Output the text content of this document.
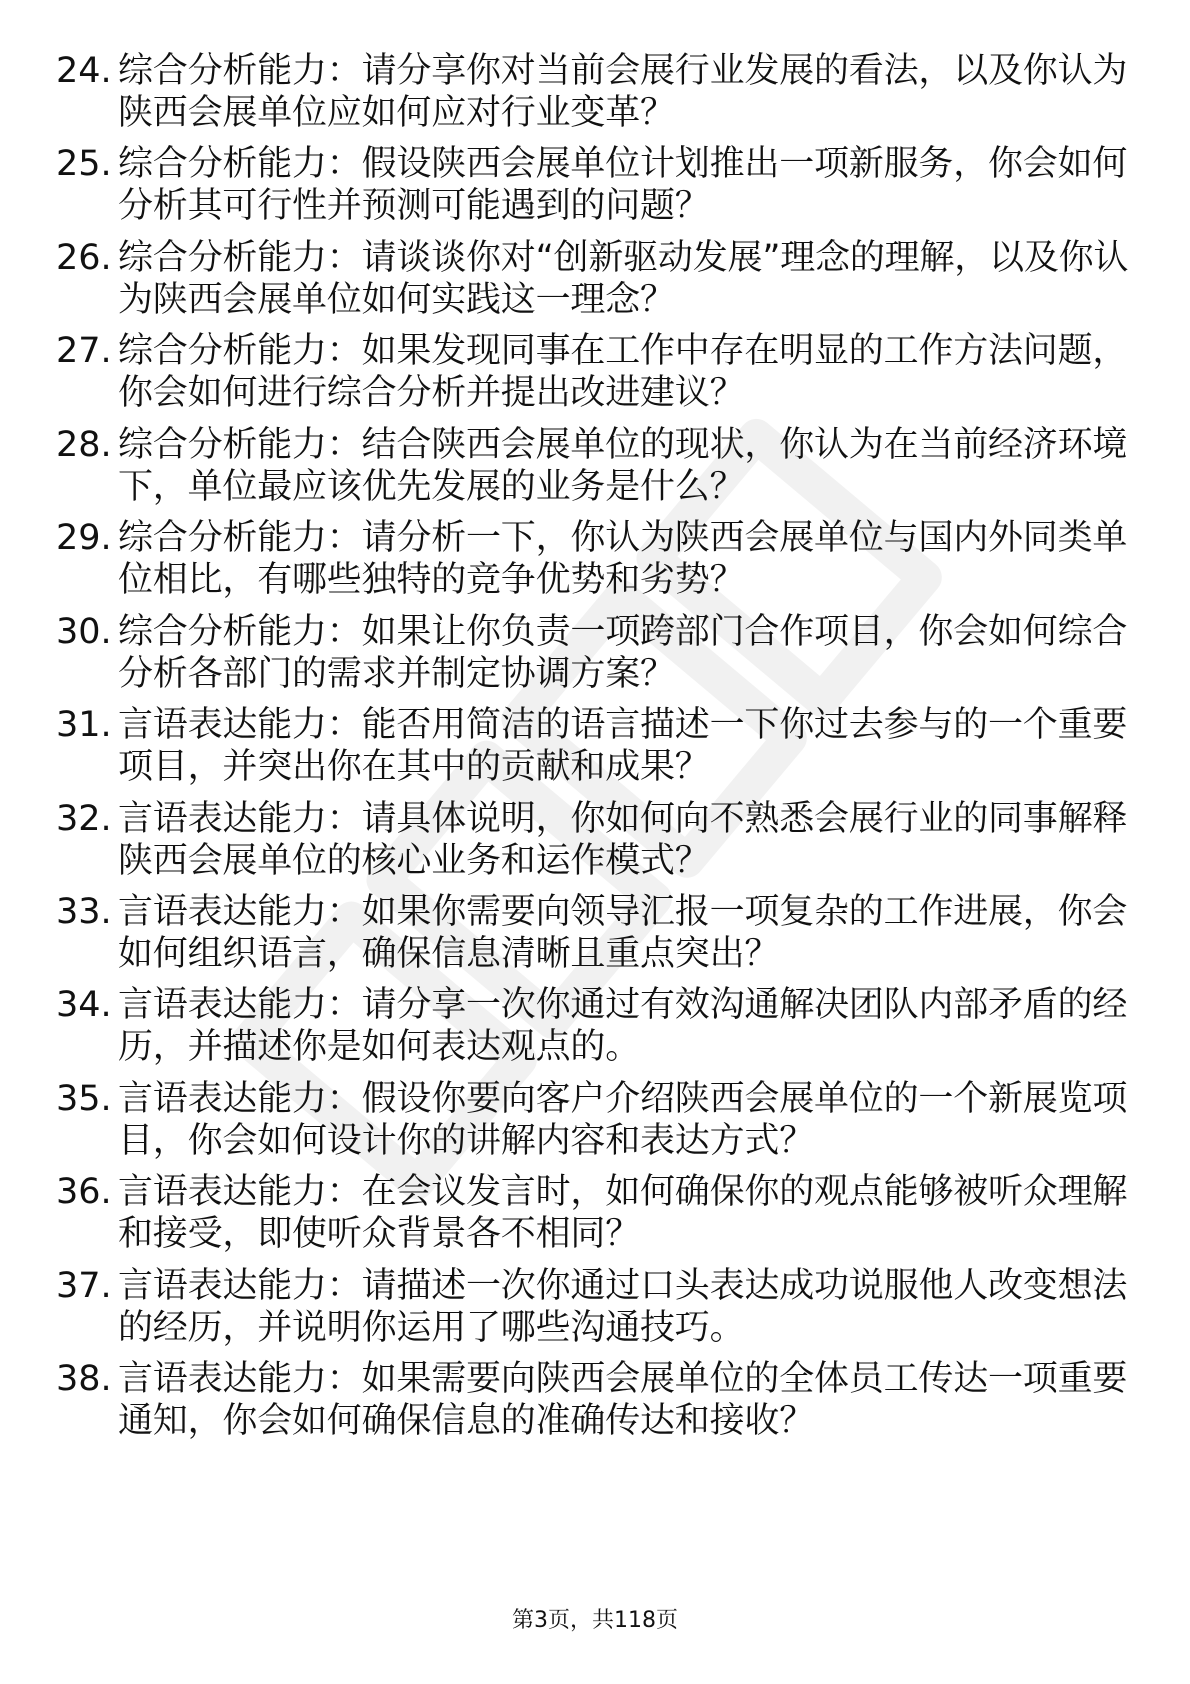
24. 综合分析能力：请分享你对当前会展行业发展的看法，以及你认为陕西会展单位应如何应对行业变革？
25. 综合分析能力：假设陕西会展单位计划推出一项新服务，你会如何分析其可行性并预测可能遇到的问题？
26. 综合分析能力：请谈谈你对“创新驱动发展”理念的理解，以及你认为陕西会展单位如何实践这一理念？
27. 综合分析能力：如果发现同事在工作中存在明显的工作方法问题，你会如何进行综合分析并提出改进建议？
28. 综合分析能力：结合陕西会展单位的现状，你认为在当前经济环境下，单位最应该优先发展的业务是什么？
29. 综合分析能力：请分析一下，你认为陕西会展单位与国内外同类单位相比，有哪些独特的竞争优势和劣势？
30. 综合分析能力：如果让你负责一项跨部门合作项目，你会如何综合分析各部门的需求并制定协调方案？
31. 言语表达能力：能否用简洁的语言描述一下你过去参与的一个重要项目，并突出你在其中的贡献和成果？
32. 言语表达能力：请具体说明，你如何向不熟悉会展行业的同事解释陕西会展单位的核心业务和运作模式？
33. 言语表达能力：如果你需要向领导汇报一项复杂的工作进展，你会如何组织语言，确保信息清晰且重点突出？
34. 言语表达能力：请分享一次你通过有效沟通解决团队内部矛盾的经历，并描述你是如何表达观点的。
35. 言语表达能力：假设你要向客户介绍陕西会展单位的一个新展览项目，你会如何设计你的讲解内容和表达方式？
36. 言语表达能力：在会议发言时，如何确保你的观点能够被听众理解和接受，即使听众背景各不相同？
37. 言语表达能力：请描述一次你通过口头表达成功说服他人改变想法的经历，并说明你运用了哪些沟通技巧。
38. 言语表达能力：如果需要向陕西会展单位的全体员工传达一项重要通知，你会如何确保信息的准确传达和接收？
第3页，共118页
